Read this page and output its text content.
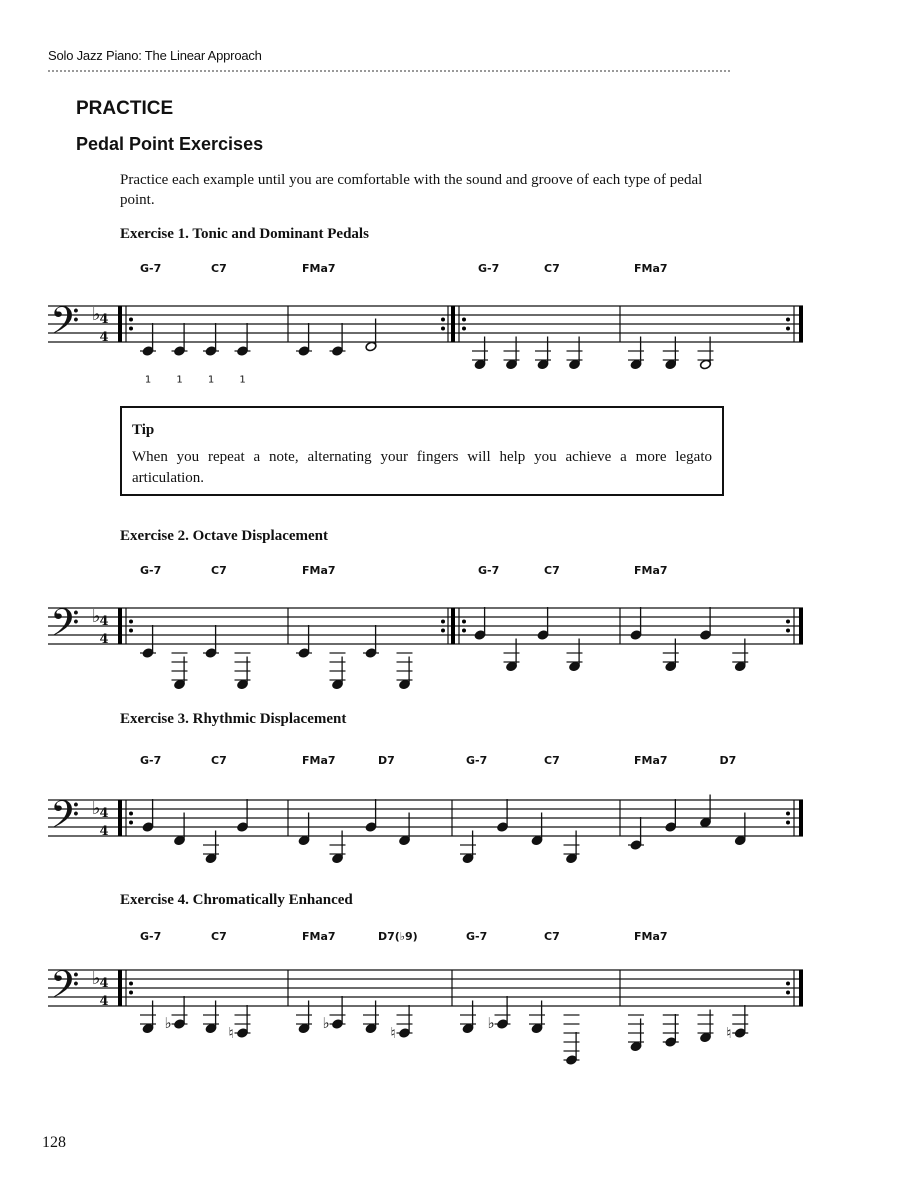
Solo Jazz Piano: The Linear Approach
PRACTICE
Pedal Point Exercises
Practice each example until you are comfortable with the sound and groove of each type of pedal point.
Exercise 1. Tonic and Dominant Pedals
𝄢 ♭
4
4
G-7	C7	FMa7	G-7	C7	FMa7
1	1	1	1
Tip
When you repeat a note, alternating your fingers will help you achieve a more legato articulation.
Exercise 2. Octave Displacement
𝄢 ♭
4
4
G-7	C7	FMa7	G-7	C7	FMa7
Exercise 3. Rhythmic Displacement
𝄢 ♭
4
4
G-7	C7	FMa7	D7	G-7	C7	FMa7	D7
Exercise 4. Chromatically Enhanced
𝄢 ♭
4
4
♭
♮
♭
♮
♭
♮
G-7	C7	FMa7	D7(♭9)	G-7	C7	FMa7
128
